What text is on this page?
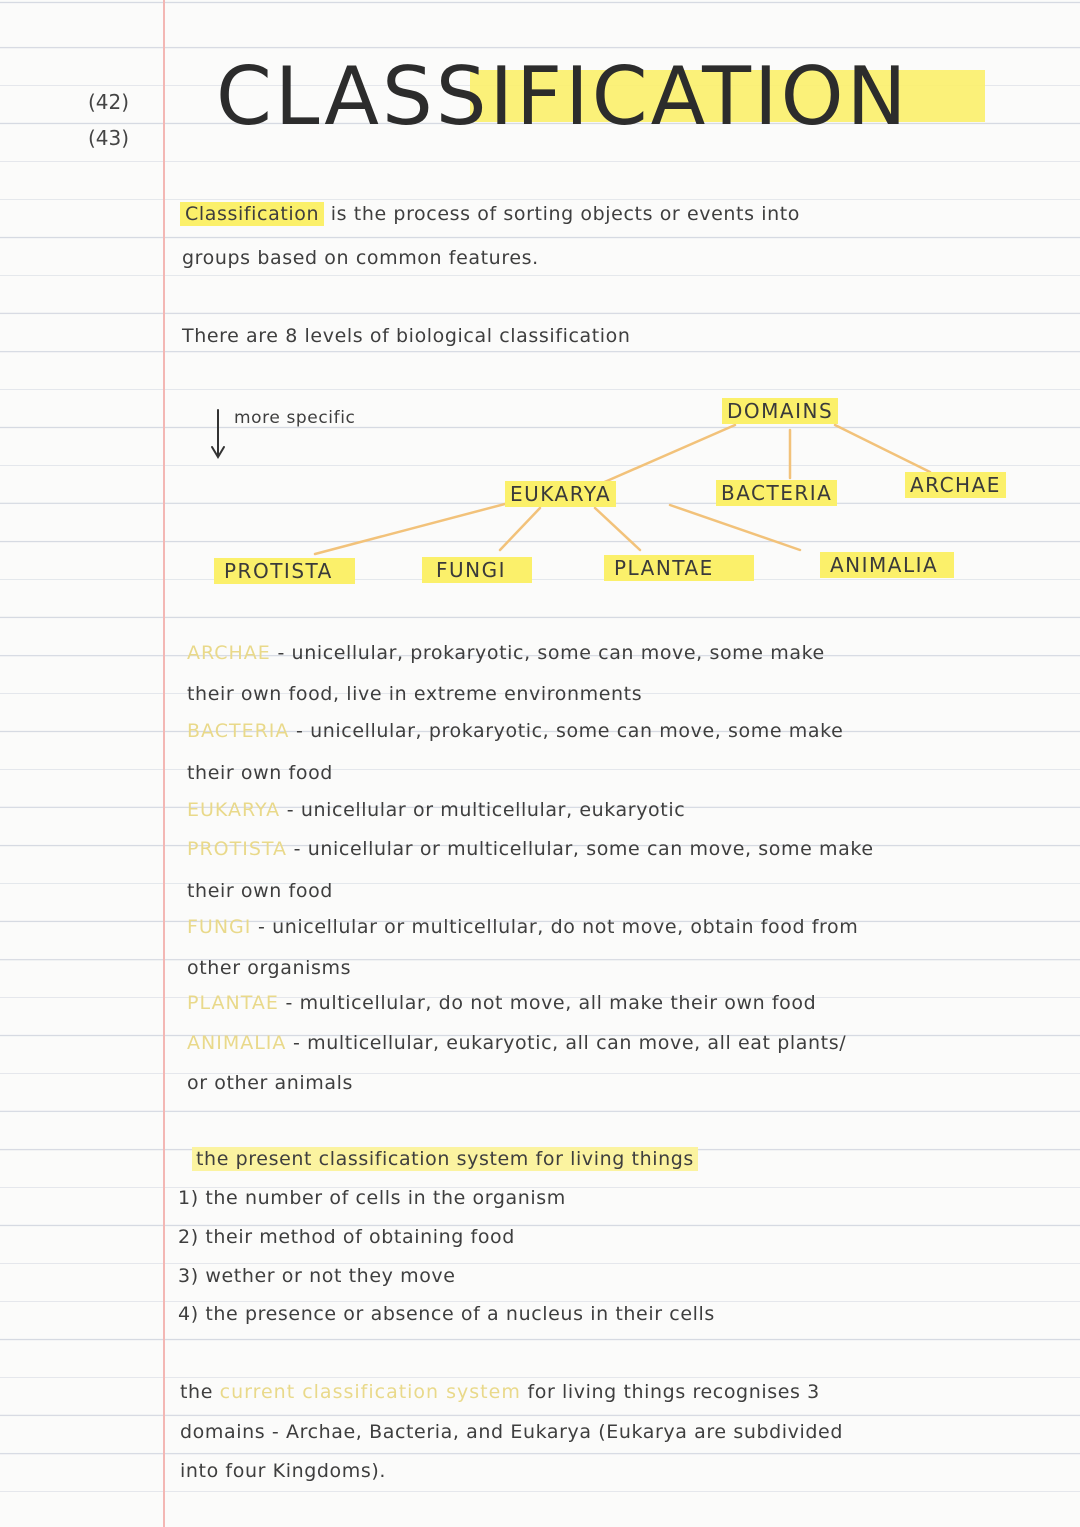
(42)
(43) CLASSIFICATION
Classification is the process of sorting objects or events into
groups based on common features.
There are 8 levels of biological classification
more specific	DOMAINS
EUKARYA	BACTERIA	ARCHAE
PROTISTA	FUNGI	PLANTAE	ANIMALIA
ARCHAE - unicellular, prokaryotic, some can move, some make
their own food, live in extreme environments
BACTERIA - unicellular, prokaryotic, some can move, some make
their own food
EUKARYA - unicellular or multicellular, eukaryotic
PROTISTA - unicellular or multicellular, some can move, some make
their own food
FUNGI - unicellular or multicellular, do not move, obtain food from
other organisms
PLANTAE - multicellular, do not move, all make their own food
ANIMALIA - multicellular, eukaryotic, all can move, all eat plants/
or other animals
the present classification system for living things
1) the number of cells in the organism
2) their method of obtaining food
3) wether or not they move
4) the presence or absence of a nucleus in their cells
the current classification system for living things recognises 3
domains - Archae, Bacteria, and Eukarya (Eukarya are subdivided
into four Kingdoms).
